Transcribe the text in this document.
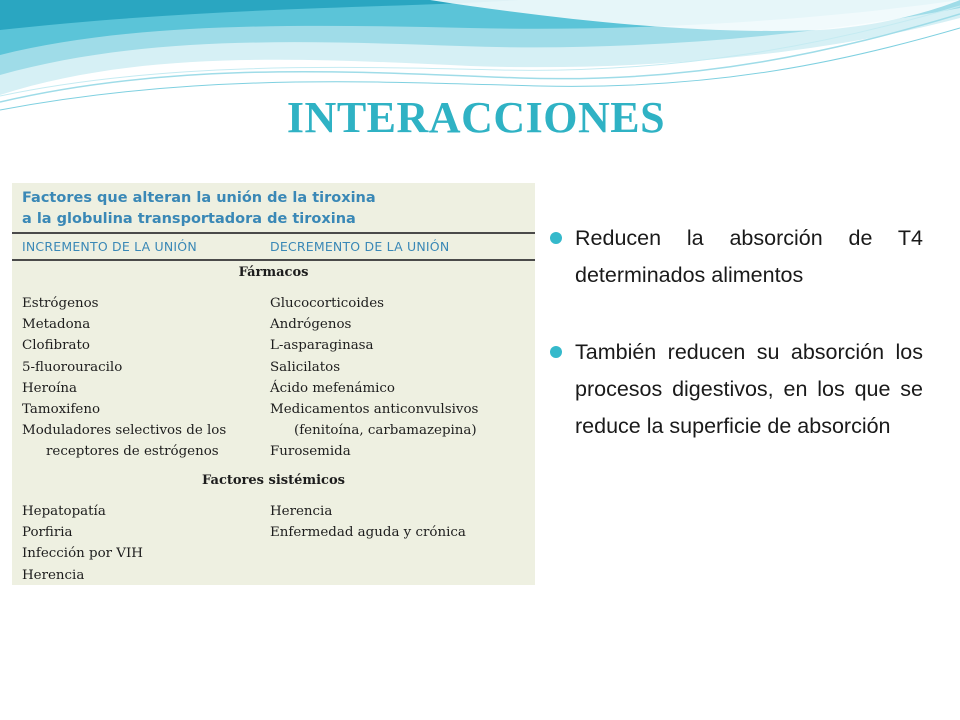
INTERACCIONES
Factores que alteran la unión de la tiroxina
a la globulina transportadora de tiroxina
INCREMENTO DE LA UNIÓN	DECREMENTO DE LA UNIÓN
Fármacos
Estrógenos
Metadona
Clofibrato
5-fluorouracilo
Heroína
Tamoxifeno
Moduladores selectivos de los
receptores de estrógenos
Glucocorticoides
Andrógenos
L-asparaginasa
Salicilatos
Ácido mefenámico
Medicamentos anticonvulsivos
(fenitoína, carbamazepina)
Furosemida
Factores sistémicos
Hepatopatía
Porfiria
Infección por VIH
Herencia
Herencia
Enfermedad aguda y crónica
Reducen la absorción de T4 determinados alimentos
También reducen su absorción los procesos digestivos, en los que se reduce la superficie de absorción
